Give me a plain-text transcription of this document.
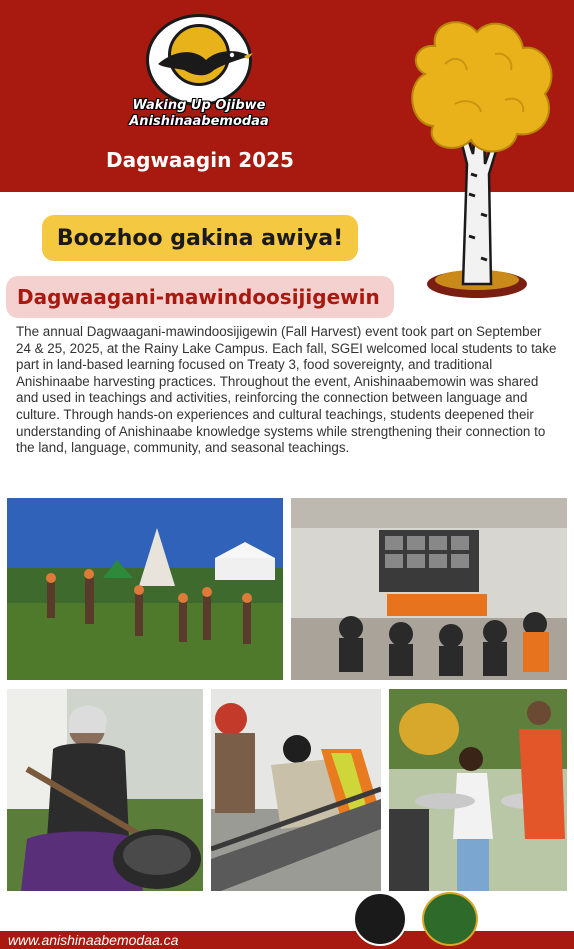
Waking Up Ojibwe
Anishinaabemodaa
Dagwaagin 2025
Boozhoo gakina awiya!
Dagwaagani-mawindoosijigewin

The annual Dagwaagani-mawindoosijigewin (Fall Harvest) event took part on September 24 & 25, 2025, at the Rainy Lake Campus. Each fall, SGEI welcomed local students to take part in land-based learning focused on Treaty 3, food sovereignty, and traditional Anishinaabe harvesting practices. Throughout the event, Anishinaabemowin was shared and used in teachings and activities, reinforcing the connection between language and culture. Through hands-on experiences and cultural teachings, students deepened their understanding of Anishinaabe knowledge systems while strengthening their connection to the land, language, community, and seasonal teachings.

www.anishinaabemodaa.ca
